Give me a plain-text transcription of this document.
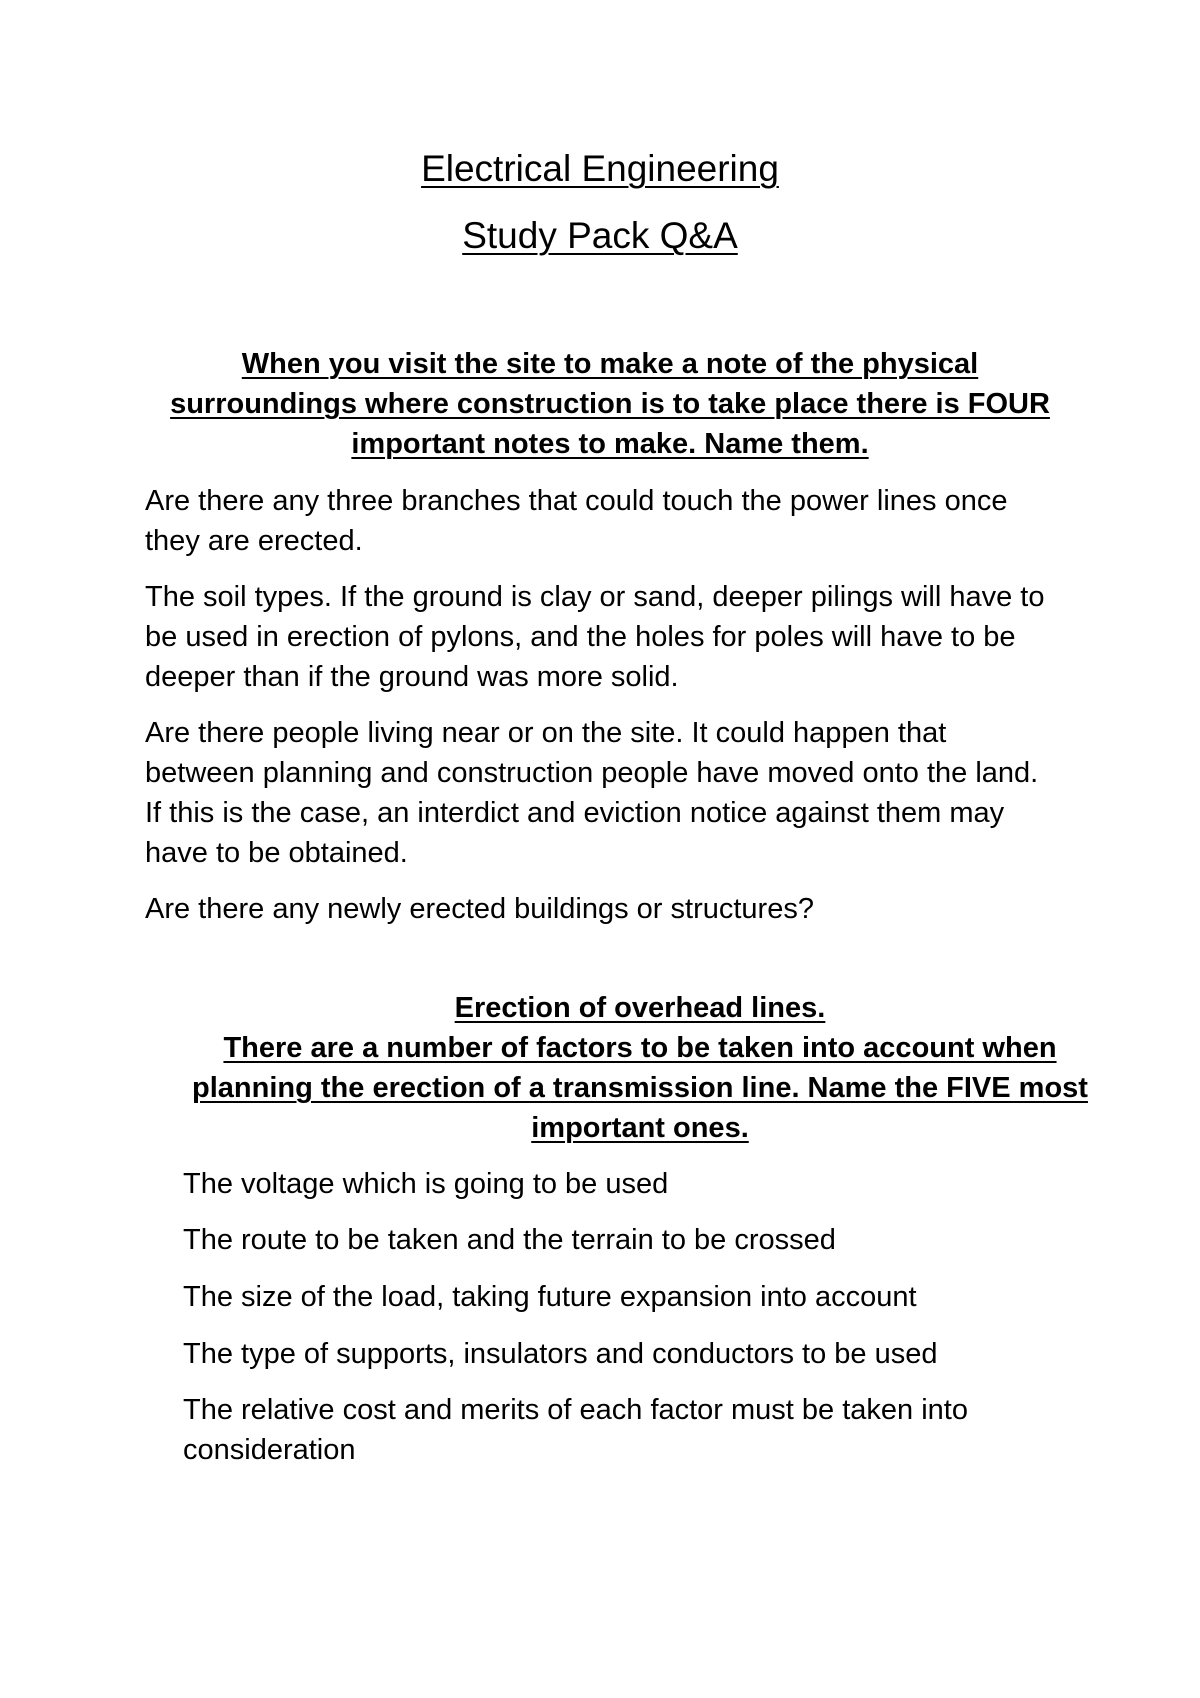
Electrical Engineering
Study Pack Q&A

When you visit the site to make a note of the physical surroundings where construction is to take place there is FOUR important notes to make. Name them.

Are there any three branches that could touch the power lines once they are erected.

The soil types. If the ground is clay or sand, deeper pilings will have to be used in erection of pylons, and the holes for poles will have to be deeper than if the ground was more solid.

Are there people living near or on the site. It could happen that between planning and construction people have moved onto the land. If this is the case, an interdict and eviction notice against them may have to be obtained.

Are there any newly erected buildings or structures?

Erection of overhead lines.
There are a number of factors to be taken into account when planning the erection of a transmission line. Name the FIVE most important ones.

The voltage which is going to be used

The route to be taken and the terrain to be crossed

The size of the load, taking future expansion into account

The type of supports, insulators and conductors to be used

The relative cost and merits of each factor must be taken into consideration
